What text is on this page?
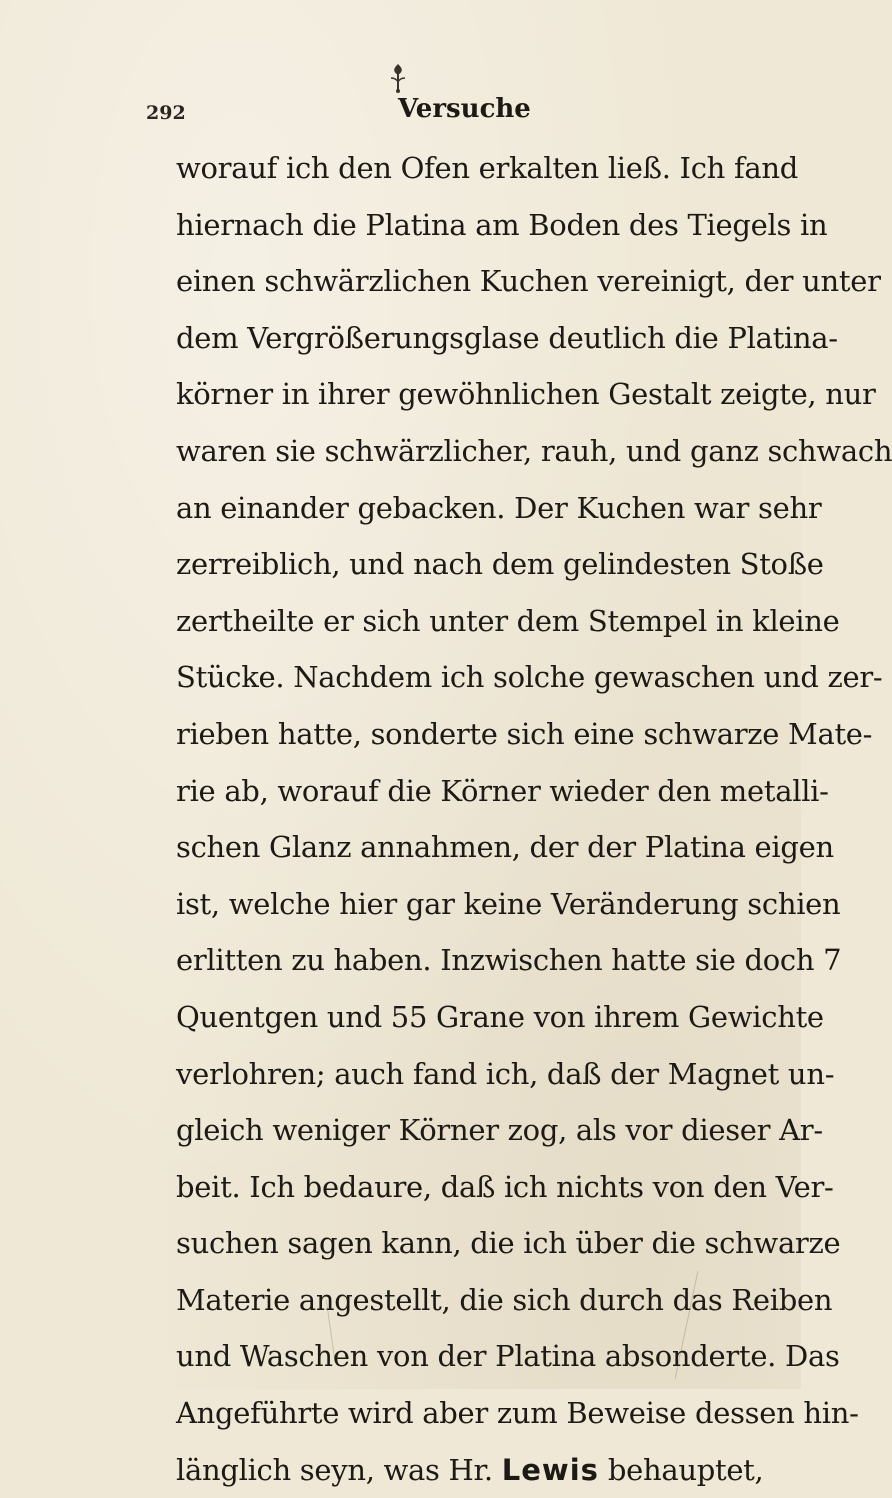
292	Versuche
worauf ich den Ofen erkalten ließ. Ich fand
hiernach die Platina am Boden des Tiegels in
einen schwärzlichen Kuchen vereinigt, der unter
dem Vergrößerungsglase deutlich die Platina-
körner in ihrer gewöhnlichen Gestalt zeigte, nur
waren sie schwärzlicher, rauh, und ganz schwach
an einander gebacken. Der Kuchen war sehr
zerreiblich, und nach dem gelindesten Stoße
zertheilte er sich unter dem Stempel in kleine
Stücke. Nachdem ich solche gewaschen und zer-
rieben hatte, sonderte sich eine schwarze Mate-
rie ab, worauf die Körner wieder den metalli-
schen Glanz annahmen, der der Platina eigen
ist, welche hier gar keine Veränderung schien
erlitten zu haben. Inzwischen hatte sie doch 7
Quentgen und 55 Grane von ihrem Gewichte
verlohren; auch fand ich, daß der Magnet un-
gleich weniger Körner zog, als vor dieser Ar-
beit. Ich bedaure, daß ich nichts von den Ver-
suchen sagen kann, die ich über die schwarze
Materie angestellt, die sich durch das Reiben
und Waschen von der Platina absonderte. Das
Angeführte wird aber zum Beweise dessen hin-
länglich seyn, was Hr. Lewis behauptet,
